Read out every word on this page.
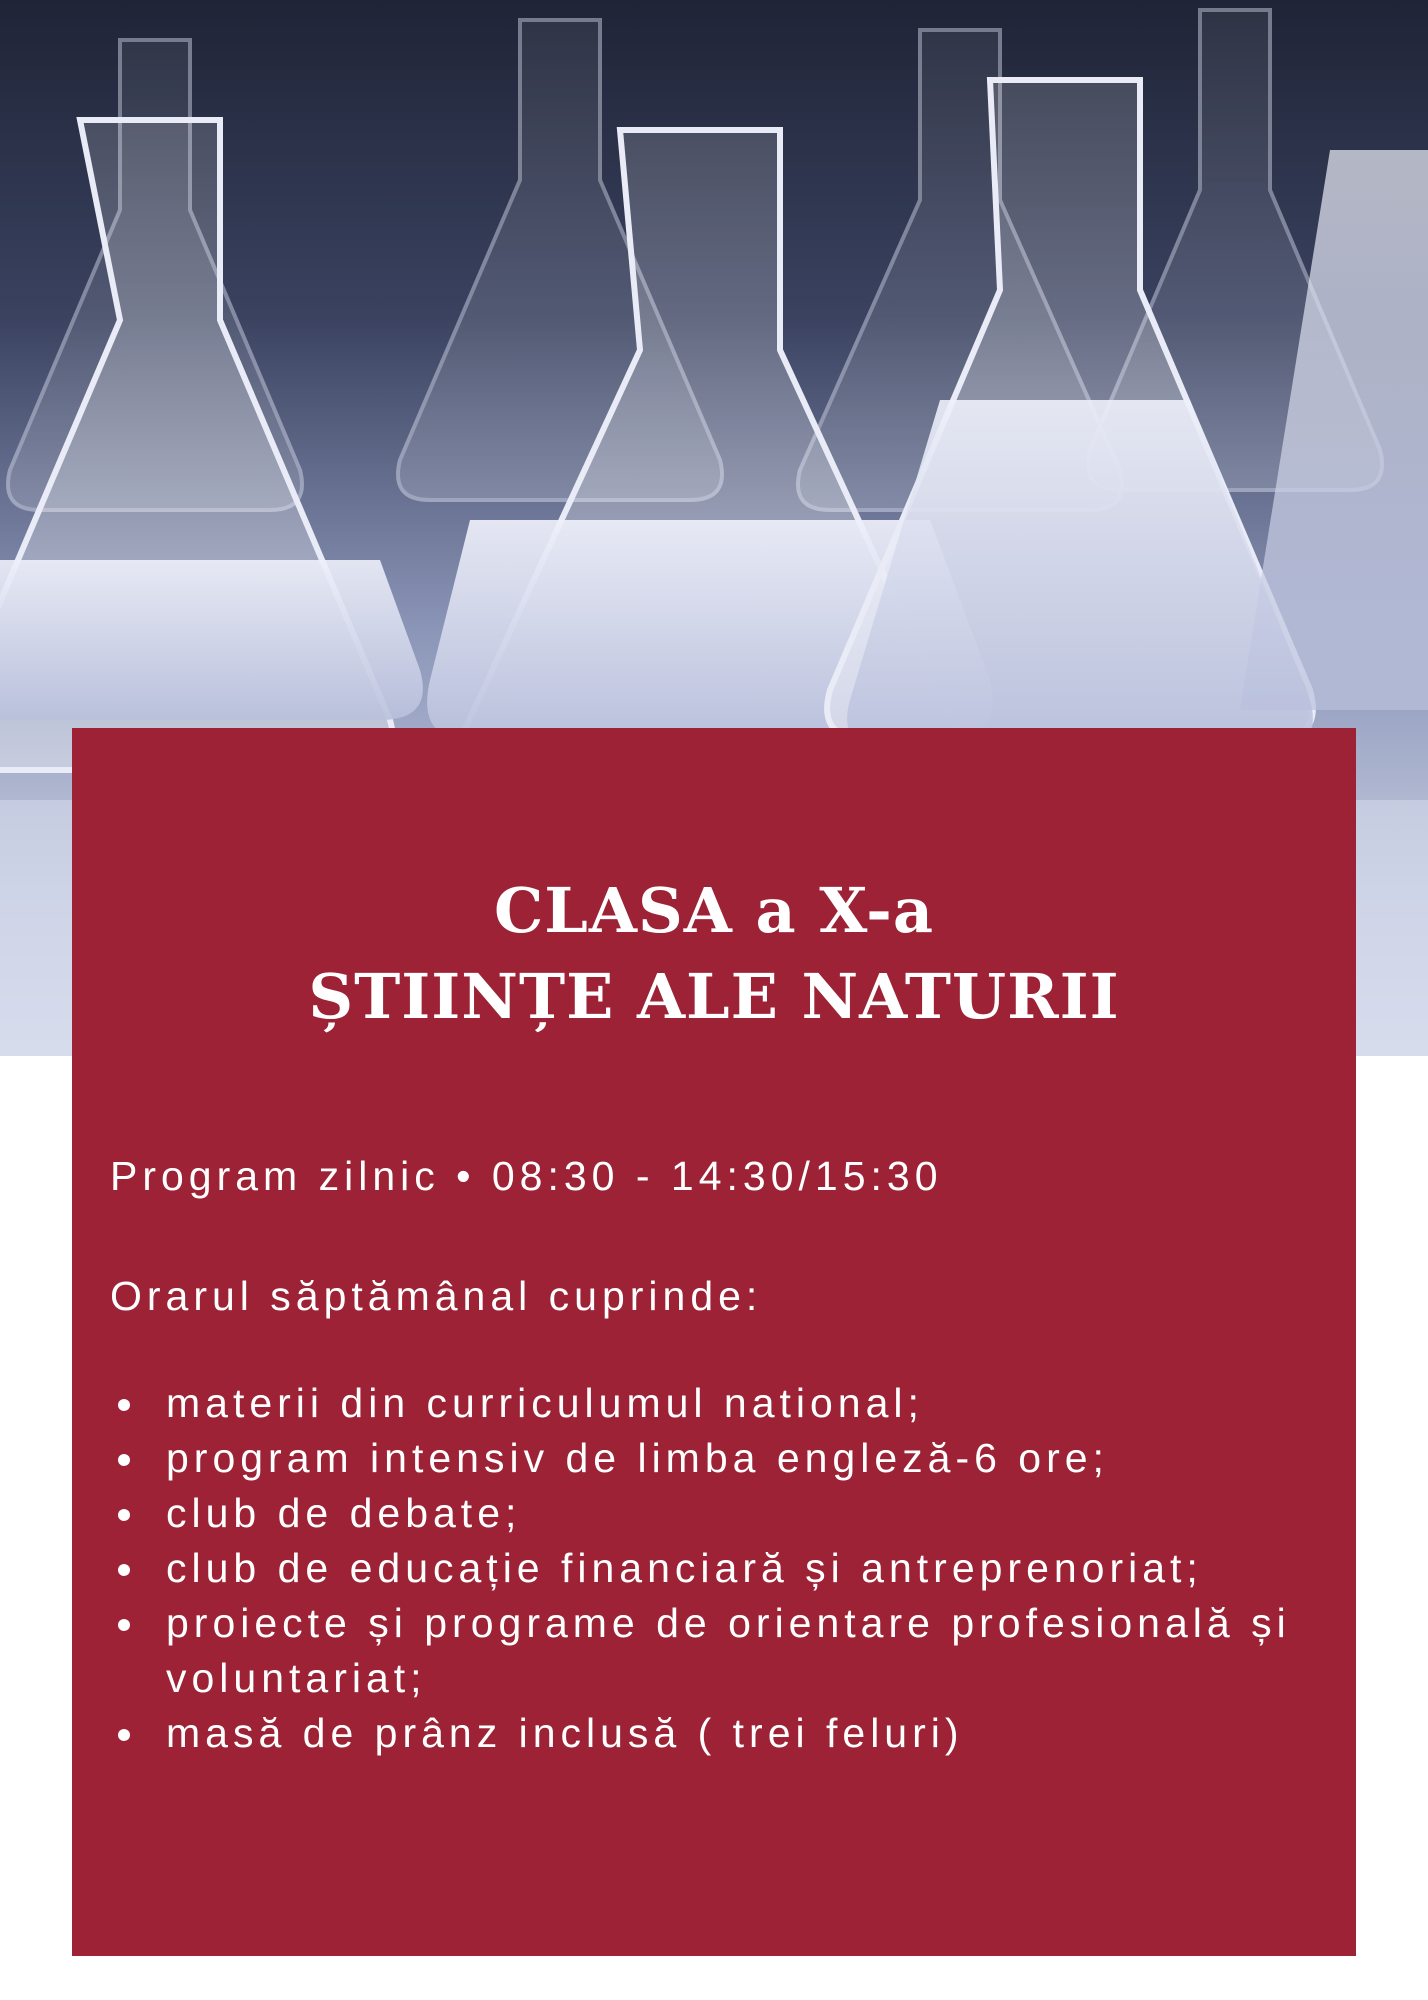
CLASA a X-a
ȘTIINȚE ALE NATURII
Program zilnic • 08:30 - 14:30/15:30
Orarul săptămânal cuprinde:
materii din curriculumul national;
program intensiv de limba engleză-6 ore;
club de debate;
club de educație financiară și antreprenoriat;
proiecte și programe de orientare profesională și voluntariat;
masă de prânz inclusă ( trei feluri)
